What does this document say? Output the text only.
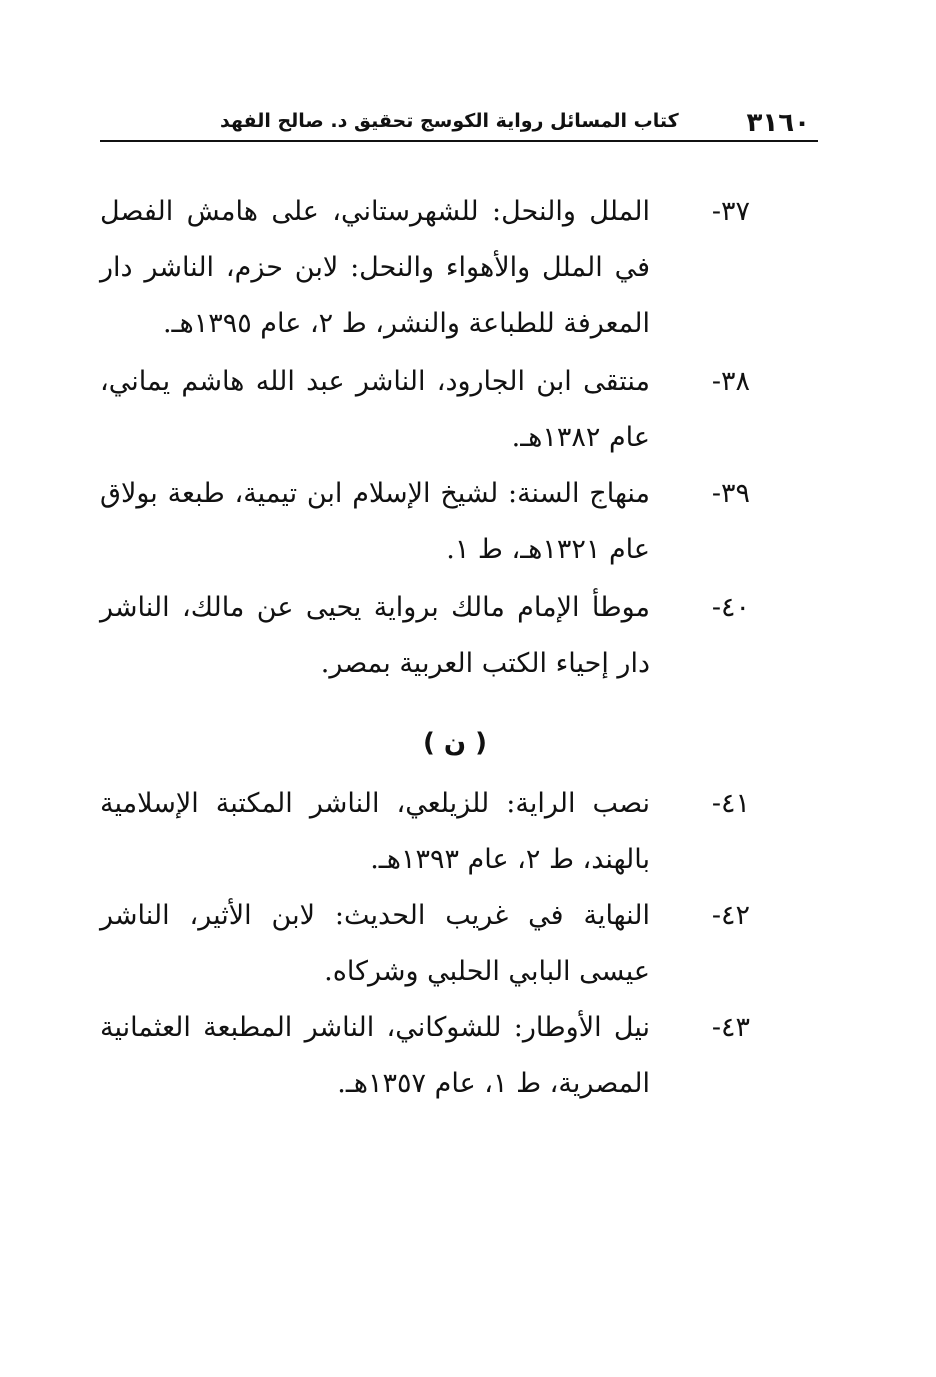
٣١٦٠
كتاب المسائل رواية الكوسج تحقيق د. صالح الفهد
٣٧-
الملل والنحل: للشهرستاني، على هامش الفصل في الملل والأهواء والنحل: لابن حزم، الناشر دار المعرفة للطباعة والنشر، ط ٢، عام ١٣٩٥هـ.
٣٨-
منتقى ابن الجارود، الناشر عبد الله هاشم يماني، عام ١٣٨٢هـ.
٣٩-
منهاج السنة: لشيخ الإسلام ابن تيمية، طبعة بولاق عام ١٣٢١هـ، ط ١.
٤٠-
موطأ الإمام مالك برواية يحيى عن مالك، الناشر دار إحياء الكتب العربية بمصر.
( ن )
٤١-
نصب الراية: للزيلعي، الناشر المكتبة الإسلامية بالهند، ط ٢، عام ١٣٩٣هـ.
٤٢-
النهاية في غريب الحديث: لابن الأثير، الناشر عيسى البابي الحلبي وشركاه.
٤٣-
نيل الأوطار: للشوكاني، الناشر المطبعة العثمانية المصرية، ط ١، عام ١٣٥٧هـ.
